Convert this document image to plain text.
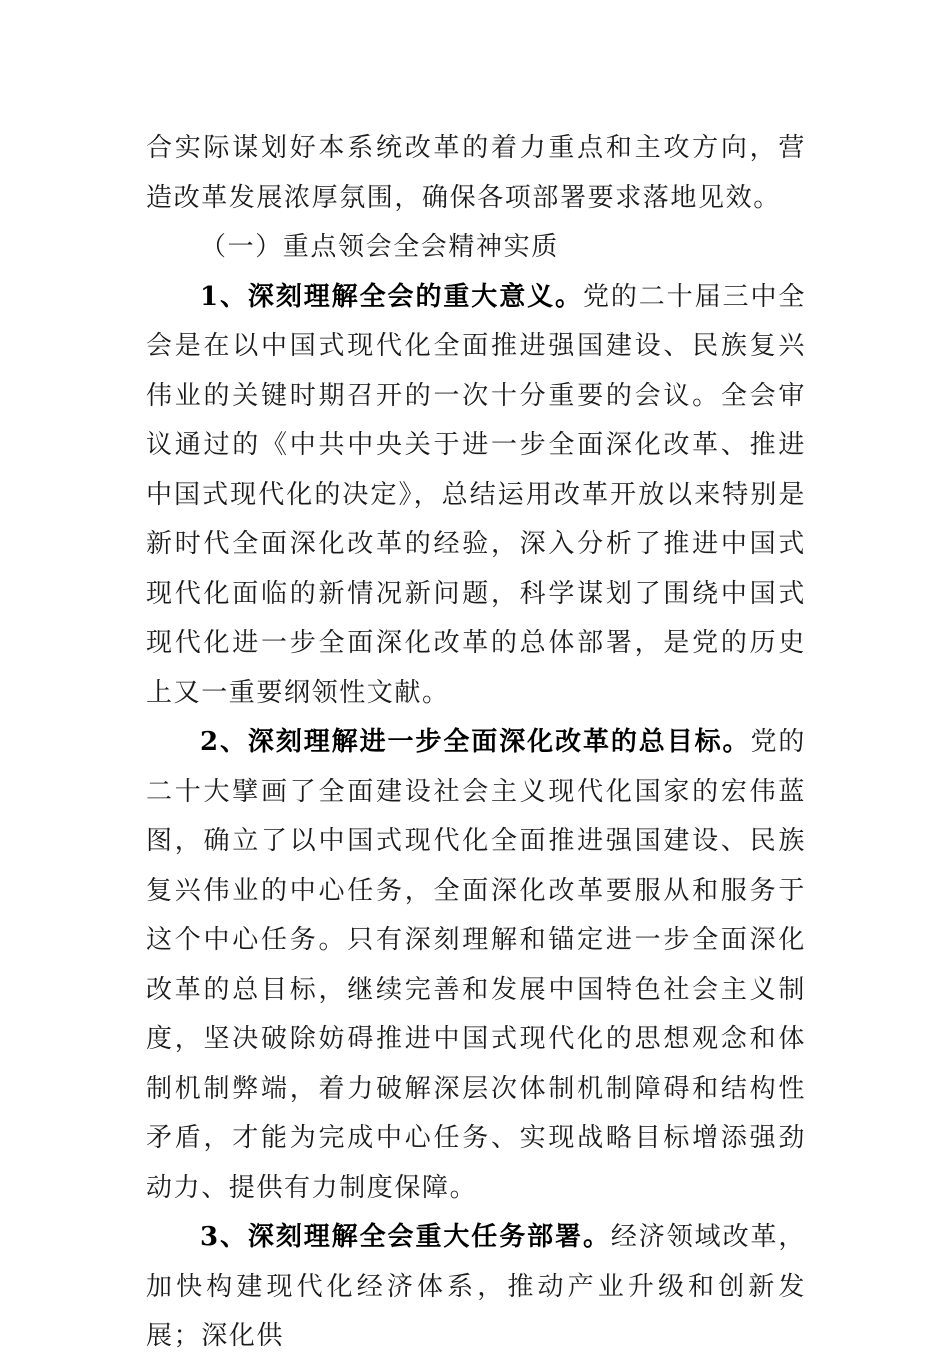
合实际谋划好本系统改革的着力重点和主攻方向，营造改革发展浓厚氛围，确保各项部署要求落地见效。

（一）重点领会全会精神实质

1、深刻理解全会的重大意义。党的二十届三中全会是在以中国式现代化全面推进强国建设、民族复兴伟业的关键时期召开的一次十分重要的会议。全会审议通过的《中共中央关于进一步全面深化改革、推进中国式现代化的决定》，总结运用改革开放以来特别是新时代全面深化改革的经验，深入分析了推进中国式现代化面临的新情况新问题，科学谋划了围绕中国式现代化进一步全面深化改革的总体部署，是党的历史上又一重要纲领性文献。

2、深刻理解进一步全面深化改革的总目标。党的二十大擘画了全面建设社会主义现代化国家的宏伟蓝图，确立了以中国式现代化全面推进强国建设、民族复兴伟业的中心任务，全面深化改革要服从和服务于这个中心任务。只有深刻理解和锚定进一步全面深化改革的总目标，继续完善和发展中国特色社会主义制度，坚决破除妨碍推进中国式现代化的思想观念和体制机制弊端，着力破解深层次体制机制障碍和结构性矛盾，才能为完成中心任务、实现战略目标增添强劲动力、提供有力制度保障。

3、深刻理解全会重大任务部署。经济领域改革，加快构建现代化经济体系，推动产业升级和创新发展；深化供
